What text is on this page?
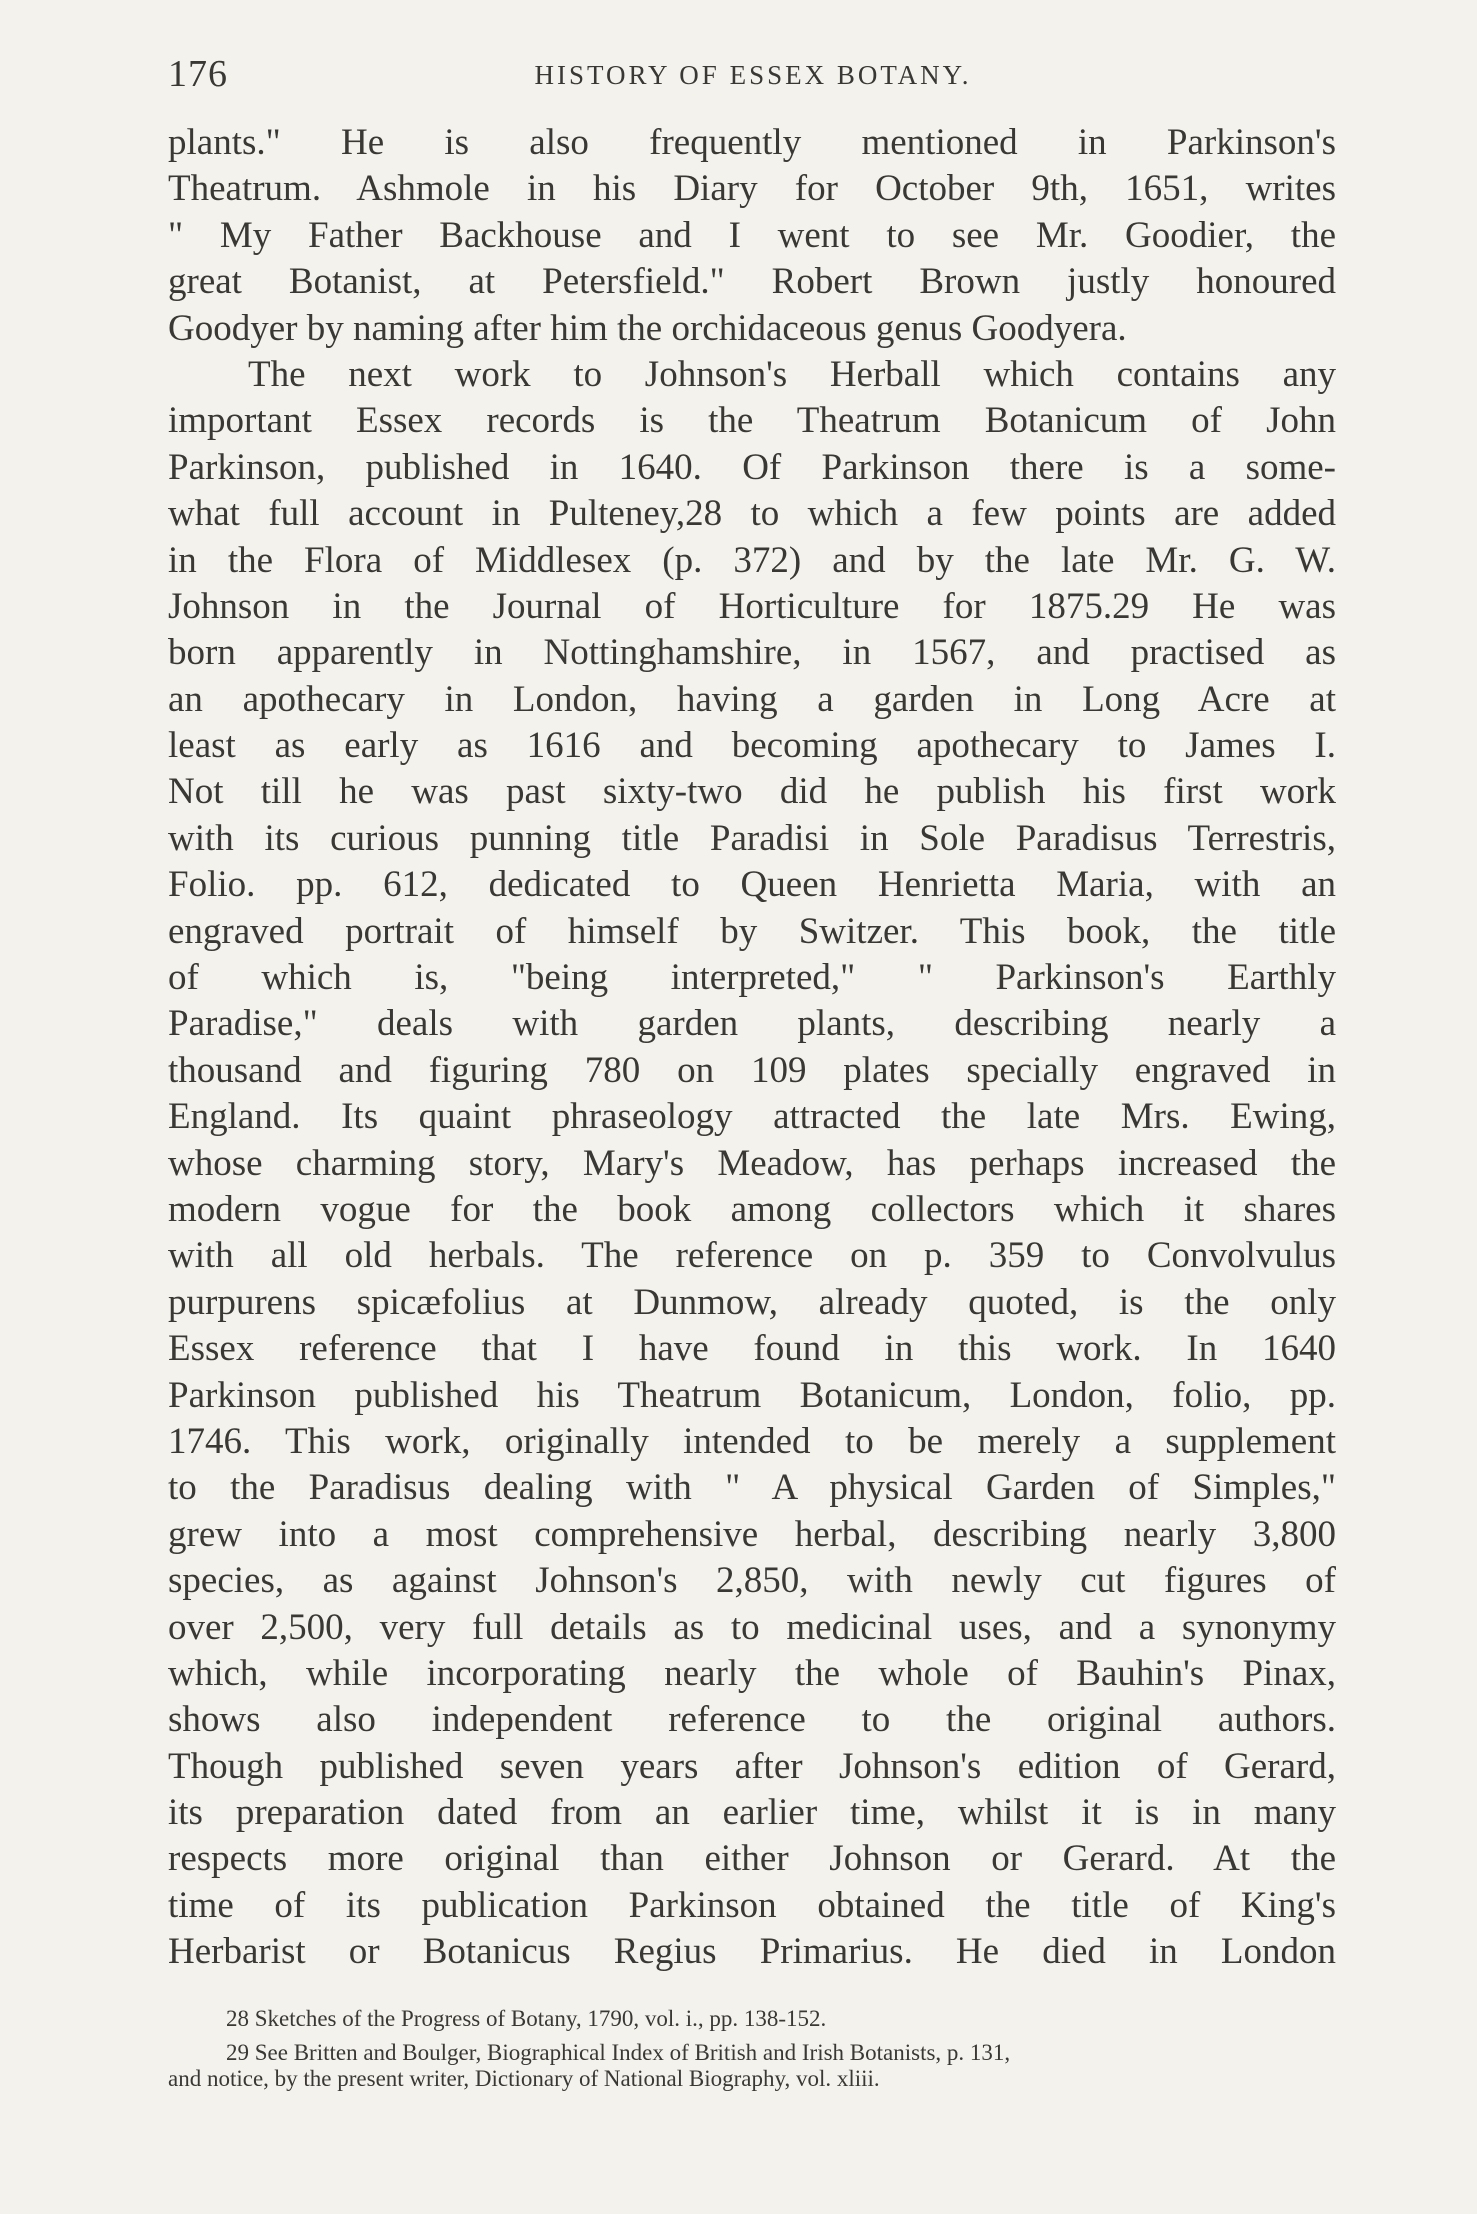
176	HISTORY OF ESSEX BOTANY.
plants." He is also frequently mentioned in Parkinson's
Theatrum. Ashmole in his Diary for October 9th, 1651, writes
" My Father Backhouse and I went to see Mr. Goodier, the
great Botanist, at Petersfield." Robert Brown justly honoured
Goodyer by naming after him the orchidaceous genus Goodyera.
The next work to Johnson's Herball which contains any
important Essex records is the Theatrum Botanicum of John
Parkinson, published in 1640. Of Parkinson there is a some-
what full account in Pulteney,28 to which a few points are added
in the Flora of Middlesex (p. 372) and by the late Mr. G. W.
Johnson in the Journal of Horticulture for 1875.29 He was
born apparently in Nottinghamshire, in 1567, and practised as
an apothecary in London, having a garden in Long Acre at
least as early as 1616 and becoming apothecary to James I.
Not till he was past sixty-two did he publish his first work
with its curious punning title Paradisi in Sole Paradisus Terrestris,
Folio. pp. 612, dedicated to Queen Henrietta Maria, with an
engraved portrait of himself by Switzer. This book, the title
of which is, "being interpreted," " Parkinson's Earthly
Paradise," deals with garden plants, describing nearly a
thousand and figuring 780 on 109 plates specially engraved in
England. Its quaint phraseology attracted the late Mrs. Ewing,
whose charming story, Mary's Meadow, has perhaps increased the
modern vogue for the book among collectors which it shares
with all old herbals. The reference on p. 359 to Convolvulus
purpurens spicæfolius at Dunmow, already quoted, is the only
Essex reference that I have found in this work. In 1640
Parkinson published his Theatrum Botanicum, London, folio, pp.
1746. This work, originally intended to be merely a supplement
to the Paradisus dealing with " A physical Garden of Simples,"
grew into a most comprehensive herbal, describing nearly 3,800
species, as against Johnson's 2,850, with newly cut figures of
over 2,500, very full details as to medicinal uses, and a synonymy
which, while incorporating nearly the whole of Bauhin's Pinax,
shows also independent reference to the original authors.
Though published seven years after Johnson's edition of Gerard,
its preparation dated from an earlier time, whilst it is in many
respects more original than either Johnson or Gerard. At the
time of its publication Parkinson obtained the title of King's
Herbarist or Botanicus Regius Primarius. He died in London
28 Sketches of the Progress of Botany, 1790, vol. i., pp. 138-152.
29 See Britten and Boulger, Biographical Index of British and Irish Botanists, p. 131,
and notice, by the present writer, Dictionary of National Biography, vol. xliii.
